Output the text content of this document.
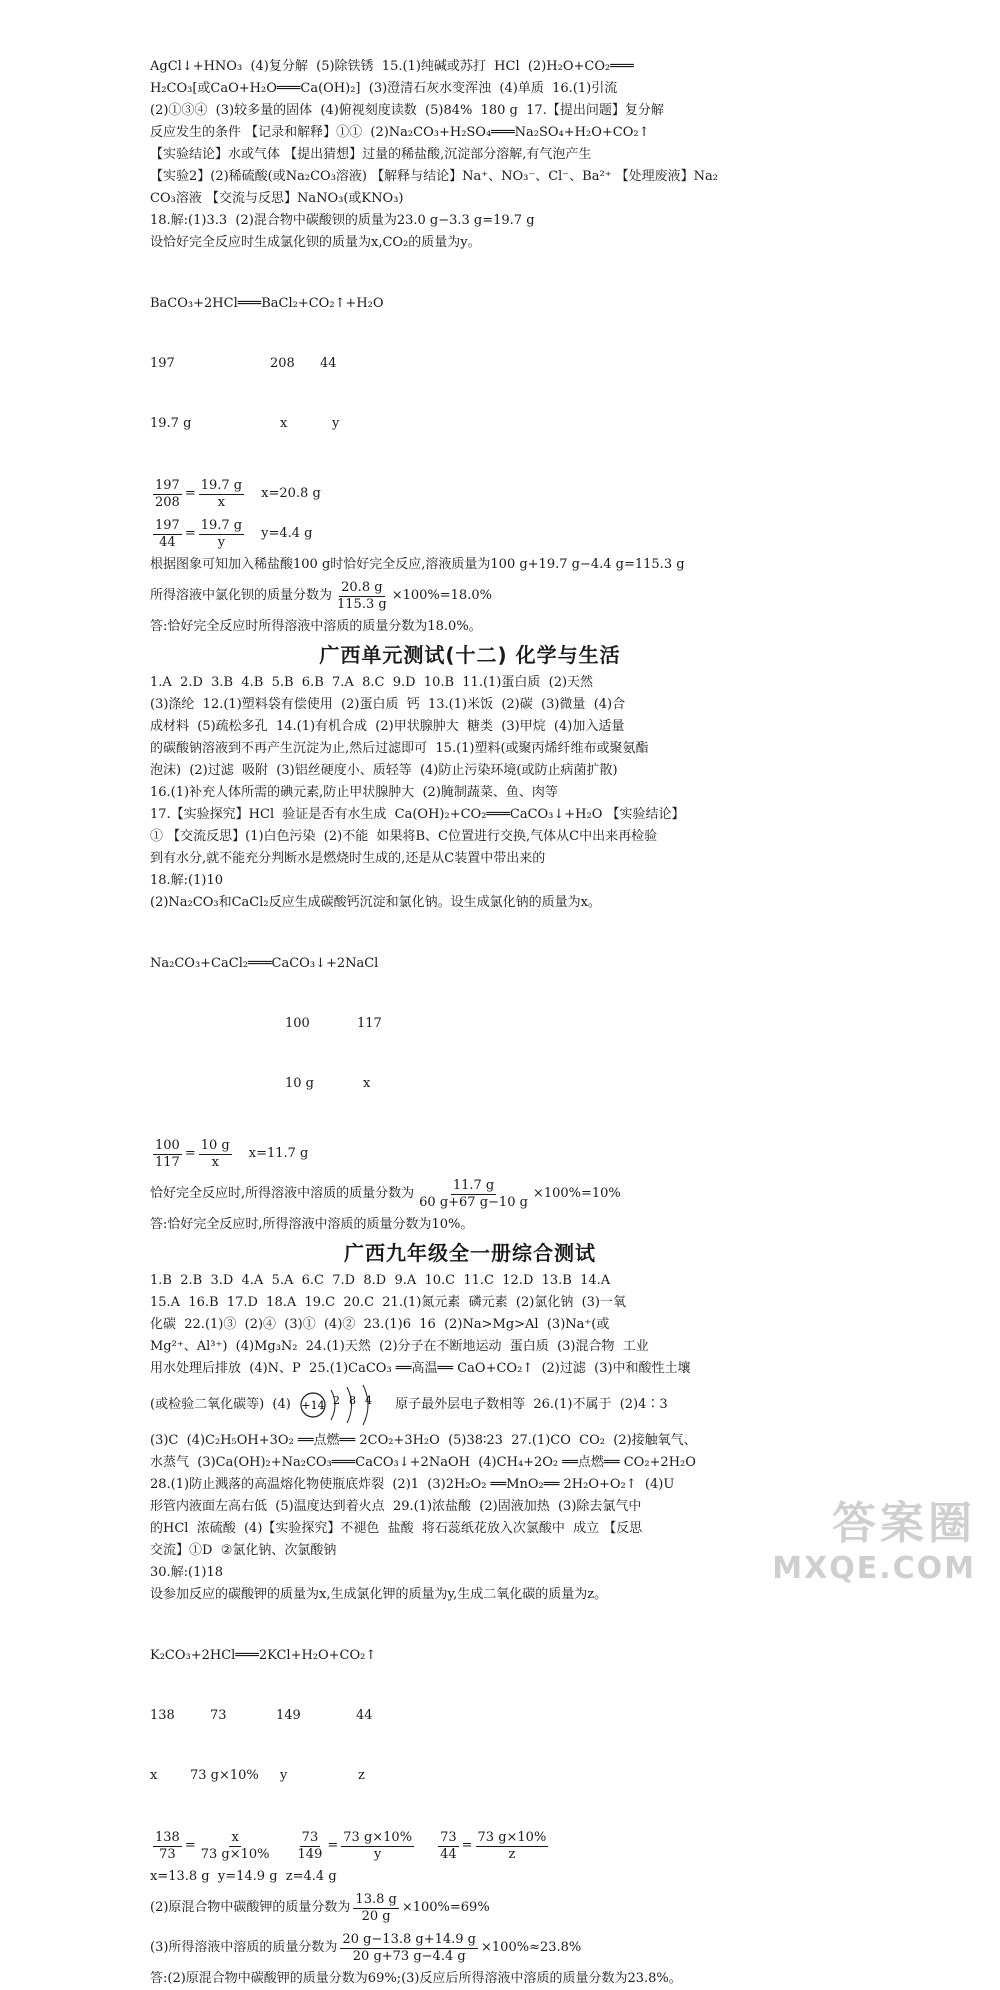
AgCl↓+HNO₃  (4)复分解  (5)除铁锈  15.(1)纯碱或苏打  HCl  (2)H₂O+CO₂═══
H₂CO₃[或CaO+H₂O═══Ca(OH)₂]  (3)澄清石灰水变浑浊  (4)单质  16.(1)引流
(2)①③④  (3)较多量的固体  (4)俯视刻度读数  (5)84%  180 g  17.【提出问题】复分解
反应发生的条件 【记录和解释】①①  (2)Na₂CO₃+H₂SO₄═══Na₂SO₄+H₂O+CO₂↑
【实验结论】水或气体 【提出猜想】过量的稀盐酸,沉淀部分溶解,有气泡产生
【实验2】(2)稀硫酸(或Na₂CO₃溶液) 【解释与结论】Na⁺、NO₃⁻、Cl⁻、Ba²⁺ 【处理废液】Na₂
CO₃溶液 【交流与反思】NaNO₃(或KNO₃)
18.解:(1)3.3  (2)混合物中碳酸钡的质量为23.0 g−3.3 g=19.7 g
设恰好完全反应时生成氯化钡的质量为x,CO₂的质量为y。

BaCO₃+2HCl═══BaCl₂+CO₂↑+H₂O

197	208	44

19.7 g	x	y

$\frac{197}{208} = \frac{19.7 g}{x} x=20.8$ g
$\frac{197}{44} = \frac{19.7 g}{y} y=4.4$ g
根据图象可知加入稀盐酸100 g时恰好完全反应,溶液质量为100 g+19.7 g−4.4 g=115.3 g
所得溶液中氯化钡的质量分数为 $\frac{20.8 g}{115.3 g} \times 100\%=18.0\%$
答:恰好完全反应时所得溶液中溶质的质量分数为18.0%。
广西单元测试(十二) 化学与生活
1.A  2.D  3.B  4.B  5.B  6.B  7.A  8.C  9.D  10.B  11.(1)蛋白质  (2)天然
(3)涤纶  12.(1)塑料袋有偿使用  (2)蛋白质  钙  13.(1)米饭  (2)碳  (3)微量  (4)合
成材料  (5)疏松多孔  14.(1)有机合成  (2)甲状腺肿大  糖类  (3)甲烷  (4)加入适量
的碳酸钠溶液到不再产生沉淀为止,然后过滤即可  15.(1)塑料(或聚丙烯纤维布或聚氨酯
泡沫)  (2)过滤  吸附  (3)铝丝硬度小、质轻等  (4)防止污染环境(或防止病菌扩散)
16.(1)补充人体所需的碘元素,防止甲状腺肿大  (2)腌制蔬菜、鱼、肉等
17.【实验探究】HCl  验证是否有水生成  Ca(OH)₂+CO₂═══CaCO₃↓+H₂O 【实验结论】
① 【交流反思】(1)白色污染  (2)不能  如果将B、C位置进行交换,气体从C中出来再检验
到有水分,就不能充分判断水是燃烧时生成的,还是从C装置中带出来的
18.解:(1)10
(2)Na₂CO₃和CaCl₂反应生成碳酸钙沉淀和氯化钠。设生成氯化钠的质量为x。

Na₂CO₃+CaCl₂═══CaCO₃↓+2NaCl

100	117

10 g	x

$\frac{100}{117} = \frac{10 g}{x} x=11.7$ g
恰好完全反应时,所得溶液中溶质的质量分数为 $\frac{11.7 g}{60 g+67 g-10 g} \times 100\%=10\%$
答:恰好完全反应时,所得溶液中溶质的质量分数为10%。
广西九年级全一册综合测试
1.B  2.B  3.D  4.A  5.A  6.C  7.D  8.D  9.A  10.C  11.C  12.D  13.B  14.A
15.A  16.B  17.D  18.A  19.C  20.C  21.(1)氮元素  磷元素  (2)氯化钠  (3)一氧
化碳  22.(1)③  (2)④  (3)①  (4)②  23.(1)6  16  (2)Na>Mg>Al  (3)Na⁺(或
Mg²⁺、Al³⁺)  (4)Mg₃N₂  24.(1)天然  (2)分子在不断地运动  蛋白质  (3)混合物  工业
用水处理后排放  (4)N、P  25.(1)CaCO₃ ══高温══ CaO+CO₂↑  (2)过滤  (3)中和酸性土壤
(或检验二氧化碳等)  (4) +14 2 8 4 原子最外层电子数相等  26.(1)不属于  (2)4∶3
(3)C  (4)C₂H₅OH+3O₂ ══点燃══ 2CO₂+3H₂O  (5)38∶23  27.(1)CO  CO₂  (2)接触氧气、
水蒸气  (3)Ca(OH)₂+Na₂CO₃═══CaCO₃↓+2NaOH  (4)CH₄+2O₂ ══点燃══ CO₂+2H₂O
28.(1)防止溅落的高温熔化物使瓶底炸裂  (2)1  (3)2H₂O₂ ══MnO₂══ 2H₂O+O₂↑  (4)U
形管内液面左高右低  (5)温度达到着火点  29.(1)浓盐酸  (2)固液加热  (3)除去氯气中
的HCl  浓硫酸  (4)【实验探究】不褪色  盐酸  将石蕊纸花放入次氯酸中  成立 【反思
交流】①D  ②氯化钠、次氯酸钠
30.解:(1)18
设参加反应的碳酸钾的质量为x,生成氯化钾的质量为y,生成二氧化碳的质量为z。

K₂CO₃+2HCl═══2KCl+H₂O+CO₂↑

138	73	149	44

x	73 g×10%	y	z

$\frac{138}{73} = \frac{x}{73 g\times 10\%} \frac{73}{149} = \frac{73 g\times 10\%}{y} \frac{73}{44} = \frac{73 g\times 10\%}{z}$
x=13.8 g  y=14.9 g  z=4.4 g
(2)原混合物中碳酸钾的质量分数为 $\frac{13.8 g}{20 g} \times 100\%=69\%$
(3)所得溶液中溶质的质量分数为 $\frac{20 g-13.8 g+14.9 g}{20 g+73 g-4.4 g} \times 100\%\approx 23.8\%$
答:(2)原混合物中碳酸钾的质量分数为69%;(3)反应后所得溶液中溶质的质量分数为23.8%。
答案圈
MXQE.COM
